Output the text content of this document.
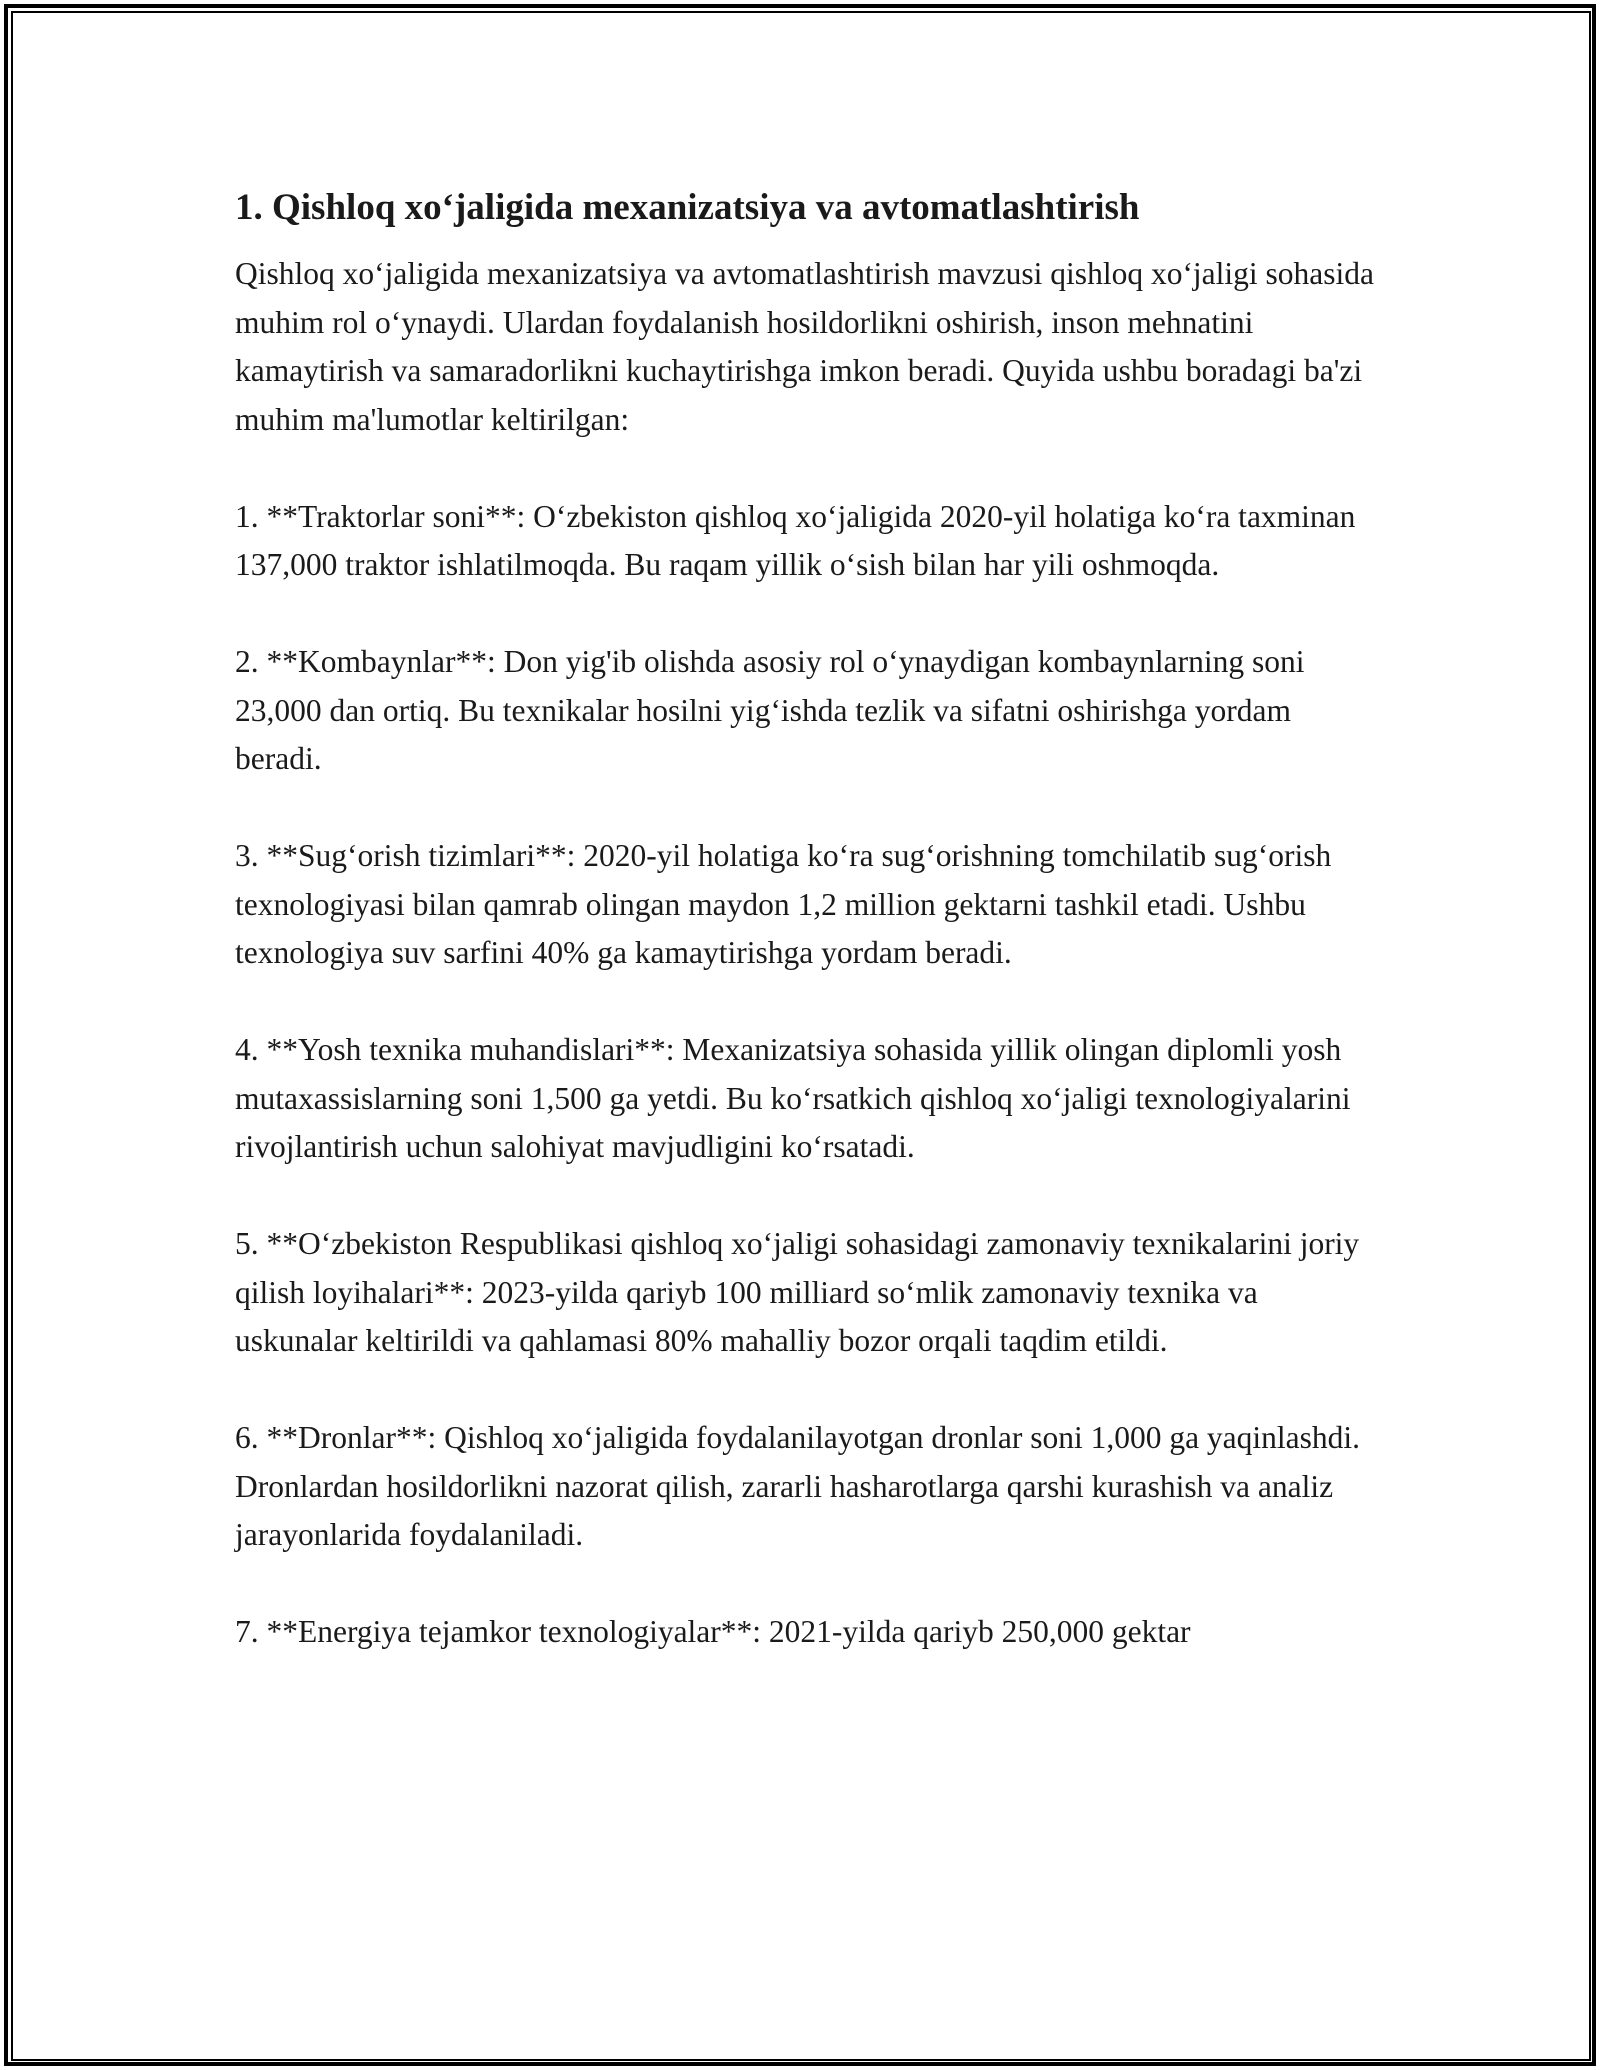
1. Qishloq xo‘jaligida mexanizatsiya va avtomatlashtirish

Qishloq xo‘jaligida mexanizatsiya va avtomatlashtirish mavzusi qishloq xo‘jaligi sohasida muhim rol o‘ynaydi. Ulardan foydalanish hosildorlikni oshirish, inson mehnatini kamaytirish va samaradorlikni kuchaytirishga imkon beradi. Quyida ushbu boradagi ba'zi muhim ma'lumotlar keltirilgan:

1. **Traktorlar soni**: O‘zbekiston qishloq xo‘jaligida 2020-yil holatiga ko‘ra taxminan 137,000 traktor ishlatilmoqda. Bu raqam yillik o‘sish bilan har yili oshmoqda.

2. **Kombaynlar**: Don yig'ib olishda asosiy rol o‘ynaydigan kombaynlarning soni 23,000 dan ortiq. Bu texnikalar hosilni yig‘ishda tezlik va sifatni oshirishga yordam beradi.

3. **Sug‘orish tizimlari**: 2020-yil holatiga ko‘ra sug‘orishning tomchilatib sug‘orish texnologiyasi bilan qamrab olingan maydon 1,2 million gektarni tashkil etadi. Ushbu texnologiya suv sarfini 40% ga kamaytirishga yordam beradi.

4. **Yosh texnika muhandislari**: Mexanizatsiya sohasida yillik olingan diplomli yosh mutaxassislarning soni 1,500 ga yetdi. Bu ko‘rsatkich qishloq xo‘jaligi texnologiyalarini rivojlantirish uchun salohiyat mavjudligini ko‘rsatadi.

5. **O‘zbekiston Respublikasi qishloq xo‘jaligi sohasidagi zamonaviy texnikalarini joriy qilish loyihalari**: 2023-yilda qariyb 100 milliard so‘mlik zamonaviy texnika va uskunalar keltirildi va qahlamasi 80% mahalliy bozor orqali taqdim etildi.

6. **Dronlar**: Qishloq xo‘jaligida foydalanilayotgan dronlar soni 1,000 ga yaqinlashdi. Dronlardan hosildorlikni nazorat qilish, zararli hasharotlarga qarshi kurashish va analiz jarayonlarida foydalaniladi.

7. **Energiya tejamkor texnologiyalar**: 2021-yilda qariyb 250,000 gektar
